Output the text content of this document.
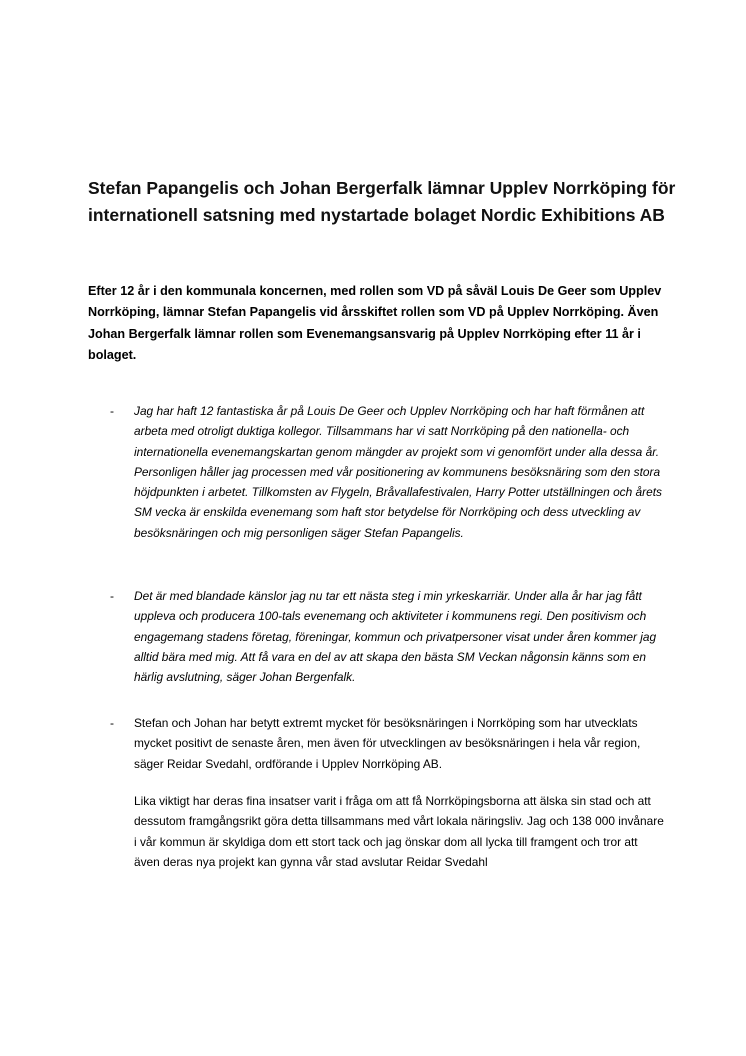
Stefan Papangelis och Johan Bergerfalk lämnar Upplev Norrköping för internationell satsning med nystartade bolaget Nordic Exhibitions AB

Efter 12 år i den kommunala koncernen, med rollen som VD på såväl Louis De Geer som Upplev Norrköping, lämnar Stefan Papangelis vid årsskiftet rollen som VD på Upplev Norrköping. Även Johan Bergerfalk lämnar rollen som Evenemangsansvarig på Upplev Norrköping efter 11 år i bolaget.

- Jag har haft 12 fantastiska år på Louis De Geer och Upplev Norrköping och har haft förmånen att arbeta med otroligt duktiga kollegor. Tillsammans har vi satt Norrköping på den nationella- och internationella evenemangskartan genom mängder av projekt som vi genomfört under alla dessa år. Personligen håller jag processen med vår positionering av kommunens besöksnäring som den stora höjdpunkten i arbetet. Tillkomsten av Flygeln, Bråvallafestivalen, Harry Potter utställningen och årets SM vecka är enskilda evenemang som haft stor betydelse för Norrköping och dess utveckling av besöksnäringen och mig personligen säger Stefan Papangelis.

- Det är med blandade känslor jag nu tar ett nästa steg i min yrkeskarriär. Under alla år har jag fått uppleva och producera 100-tals evenemang och aktiviteter i kommunens regi. Den positivism och engagemang stadens företag, föreningar, kommun och privatpersoner visat under åren kommer jag alltid bära med mig. Att få vara en del av att skapa den bästa SM Veckan någonsin känns som en härlig avslutning, säger Johan Bergenfalk.

- Stefan och Johan har betytt extremt mycket för besöksnäringen i Norrköping som har utvecklats mycket positivt de senaste åren, men även för utvecklingen av besöksnäringen i hela vår region, säger Reidar Svedahl, ordförande i Upplev Norrköping AB.

Lika viktigt har deras fina insatser varit i fråga om att få Norrköpingsborna att älska sin stad och att dessutom framgångsrikt göra detta tillsammans med vårt lokala näringsliv. Jag och 138 000 invånare i vår kommun är skyldiga dom ett stort tack och jag önskar dom all lycka till framgent och tror att även deras nya projekt kan gynna vår stad avslutar Reidar Svedahl
